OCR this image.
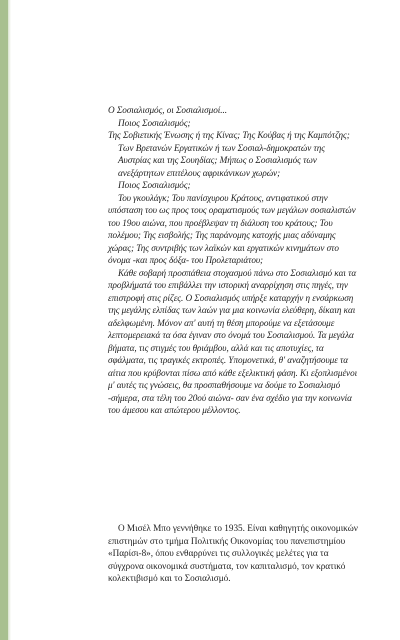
Ο Σοσιαλισμός, οι Σοσιαλισμοί...

Ποιος Σοσιαλισμός;

Της Σοβιετικής Ένωσης ή της Κίνας; Της Κούβας ή της Καμπότζης; Των Βρετανών Εργατικών ή των Σοσιαλ-δημοκρατών της Αυστρίας και της Σουηδίας; Μήπως ο Σοσιαλισμός των ανεξάρτητων επιτέλους αφρικάνικων χωρών;

Ποιος Σοσιαλισμός;

Του γκουλάγκ; Του πανίσχυρου Κράτους, αντιφατικού στην υπόσταση του ως προς τους οραματισμούς των μεγάλων σοσιαλιστών του 19ου αιώνα, που προέβλεψαν τη διάλυση του κράτους; Του πολέμου; Της εισβολής; Της παράνομης κατοχής μιας αδύναμης χώρας; Της συντριβής των λαϊκών και εργατικών κινημάτων στο όνομα -και προς δόξα- του Προλεταριάτου;

Κάθε σοβαρή προσπάθεια στοχασμού πάνω στο Σοσιαλισμό και τα προβλήματά του επιβάλλει την ιστορική αναρρίχηση στις πηγές, την επιστροφή στις ρίζες. Ο Σοσιαλισμός υπήρξε καταρχήν η ενσάρκωση της μεγάλης ελπίδας των λαών για μια κοινωνία ελεύθερη, δίκαιη και αδελφωμένη. Μόνον απ' αυτή τη θέση μπορούμε να εξετάσουμε λεπτομερειακά τα όσα έγιναν στο όνομά του Σοσιαλισμού. Τα μεγάλα βήματα, τις στιγμές του θριάμβου, αλλά και τις αποτυχίες, τα σφάλματα, τις τραγικές εκτροπές. Υπομονετικά, θ' αναζητήσουμε τα αίτια που κρύβονται πίσω από κάθε εξελικτική φάση. Κι εξοπλισμένοι μ' αυτές τις γνώσεις, θα προσπαθήσουμε να δούμε το Σοσιαλισμό -σήμερα, στα τέλη του 20ού αιώνα- σαν ένα σχέδιο για την κοινωνία του άμεσου και απώτερου μέλλοντος.

Ο Μισέλ Μπο γεννήθηκε το 1935. Είναι καθηγητής οικονομικών επιστημών στο τμήμα Πολιτικής Οικονομίας του πανεπιστημίου «Παρίσι-8», όπου ενθαρρύνει τις συλλογικές μελέτες για τα σύγχρονα οικονομικά συστήματα, τον καπιταλισμό, τον κρατικό κολεκτιβισμό και το Σοσιαλισμό.
